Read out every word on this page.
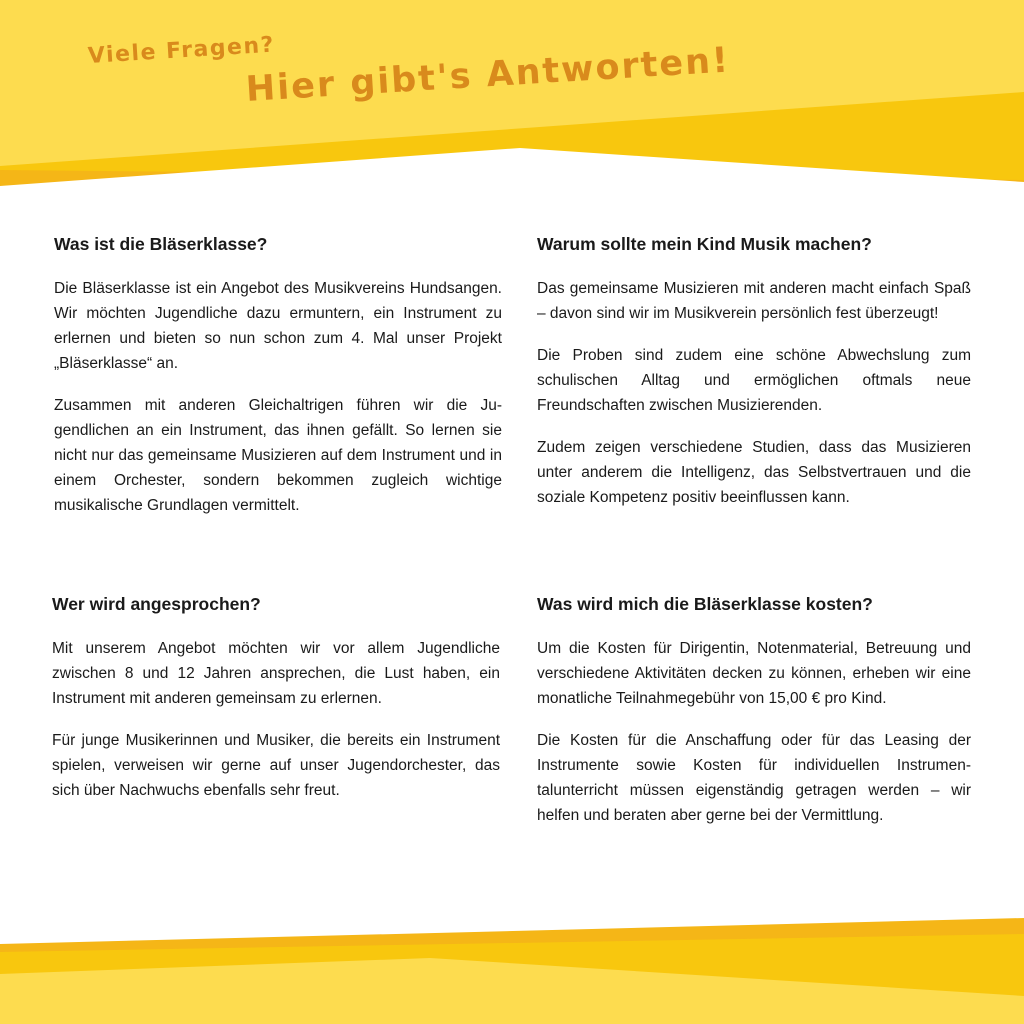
Viele Fragen?
Hier gibt's Antworten!
Was ist die Bläserklasse?

Die Bläserklasse ist ein Angebot des Musikvereins Hundsangen. Wir möchten Jugendliche dazu ermuntern, ein Instrument zu erlernen und bieten so nun schon zum 4. Mal unser Projekt „Bläserklasse“ an.

Zusammen mit anderen Gleichaltrigen führen wir die Jugendlichen an ein Instrument, das ihnen gefällt. So lernen sie nicht nur das gemeinsame Musizieren auf dem Instrument und in einem Orchester, sondern bekommen zugleich wichtige musikalische Grundlagen vermittelt.

Warum sollte mein Kind Musik machen?

Das gemeinsame Musizieren mit anderen macht einfach Spaß – davon sind wir im Musikverein persönlich fest überzeugt!

Die Proben sind zudem eine schöne Abwechslung zum schulischen Alltag und ermöglichen oftmals neue Freundschaften zwischen Musizierenden.

Zudem zeigen verschiedene Studien, dass das Musizieren unter anderem die Intelligenz, das Selbstvertrauen und die soziale Kompetenz positiv beeinflussen kann.

Wer wird angesprochen?

Mit unserem Angebot möchten wir vor allem Jugendliche zwischen 8 und 12 Jahren ansprechen, die Lust haben, ein Instrument mit anderen gemeinsam zu erlernen.

Für junge Musikerinnen und Musiker, die bereits ein Instrument spielen, verweisen wir gerne auf unser Jugendorchester, das sich über Nachwuchs ebenfalls sehr freut.

Was wird mich die Bläserklasse kosten?

Um die Kosten für Dirigentin, Notenmaterial, Betreuung und verschiedene Aktivitäten decken zu können, erheben wir eine monatliche Teilnahmegebühr von 15,00 € pro Kind.

Die Kosten für die Anschaffung oder für das Leasing der Instrumente sowie Kosten für individuellen Instrumentalunterricht müssen eigenständig getragen werden – wir helfen und beraten aber gerne bei der Vermittlung.
